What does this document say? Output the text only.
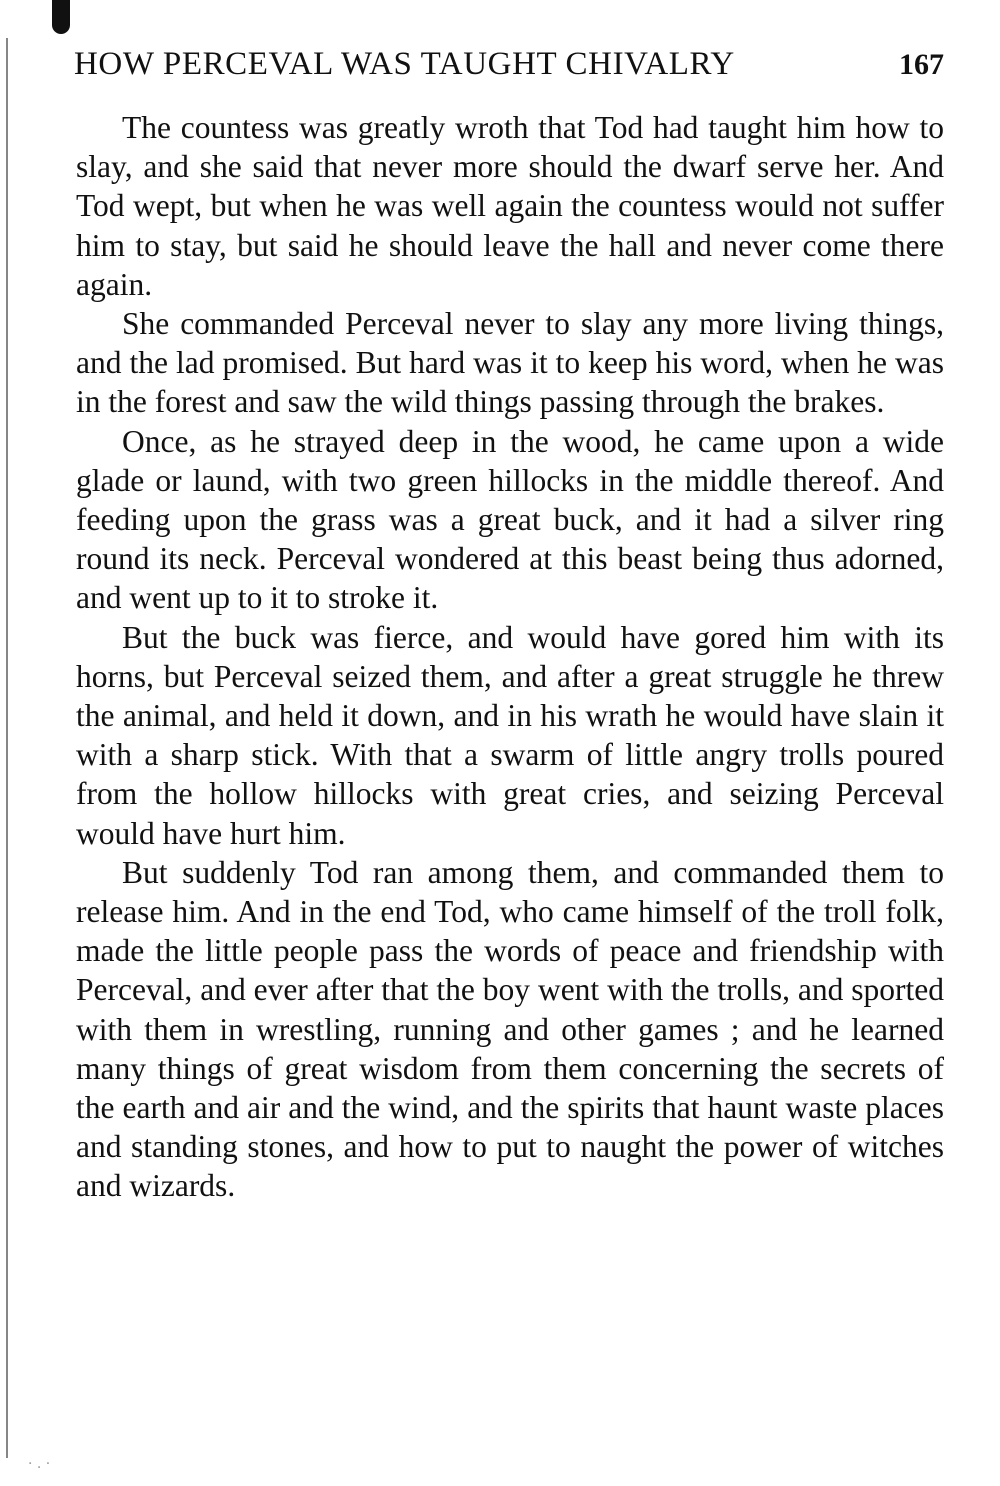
HOW PERCEVAL WAS TAUGHT CHIVALRY	167

The countess was greatly wroth that Tod had taught him how to slay, and she said that never more should the dwarf serve her. And Tod wept, but when he was well again the countess would not suffer him to stay, but said he should leave the hall and never come there again.

She commanded Perceval never to slay any more living things, and the lad promised. But hard was it to keep his word, when he was in the forest and saw the wild things passing through the brakes.

Once, as he strayed deep in the wood, he came upon a wide glade or laund, with two green hillocks in the middle thereof. And feeding upon the grass was a great buck, and it had a silver ring round its neck. Perceval wondered at this beast being thus adorned, and went up to it to stroke it.

But the buck was fierce, and would have gored him with its horns, but Perceval seized them, and after a great struggle he threw the animal, and held it down, and in his wrath he would have slain it with a sharp stick. With that a swarm of little angry trolls poured from the hollow hillocks with great cries, and seizing Perceval would have hurt him.

But suddenly Tod ran among them, and commanded them to release him. And in the end Tod, who came himself of the troll folk, made the little people pass the words of peace and friendship with Perceval, and ever after that the boy went with the trolls, and sported with them in wrestling, running and other games ; and he learned many things of great wisdom from them concerning the secrets of the earth and air and the wind, and the spirits that haunt waste places and standing stones, and how to put to naught the power of witches and wizards.

· . ·
